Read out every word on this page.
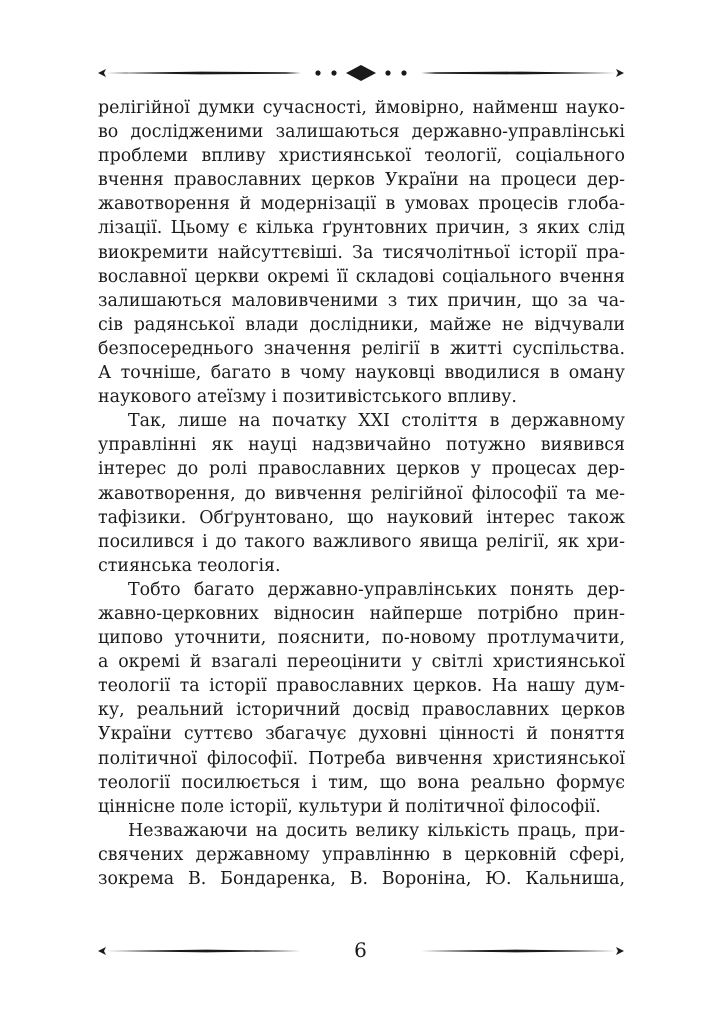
релігійної думки сучасності, ймовірно, найменш науко-
во дослідженими залишаються державно-управлінські
проблеми впливу християнської теології, соціального
вчення православних церков України на процеси дер-
жавотворення й модернізації в умовах процесів глоба-
лізації. Цьому є кілька ґрунтовних причин, з яких слід
виокремити найсуттєвіші. За тисячолітньої історії пра-
вославної церкви окремі її складові соціального вчення
залишаються маловивченими з тих причин, що за ча-
сів радянської влади дослідники, майже не відчували
безпосереднього значення релігії в житті суспільства.
А точніше, багато в чому науковці вводилися в оману
наукового атеїзму і позитивістського впливу.
Так, лише на початку XXI століття в державному
управлінні як науці надзвичайно потужно виявився
інтерес до ролі православних церков у процесах дер-
жавотворення, до вивчення релігійної філософії та ме-
тафізики. Обґрунтовано, що науковий інтерес також
посилився і до такого важливого явища релігії, як хри-
стиянська теологія.
Тобто багато державно-управлінських понять дер-
жавно-церковних відносин найперше потрібно прин-
ципово уточнити, пояснити, по-новому протлумачити,
а окремі й взагалі переоцінити у світлі християнської
теології та історії православних церков. На нашу дум-
ку, реальний історичний досвід православних церков
України суттєво збагачує духовні цінності й поняття
політичної філософії. Потреба вивчення християнської
теології посилюється і тим, що вона реально формує
ціннісне поле історії, культури й політичної філософії.
Незважаючи на досить велику кількість праць, при-
свячених державному управлінню в церковній сфері,
зокрема В. Бондаренка, В. Вороніна, Ю. Кальниша,
6
